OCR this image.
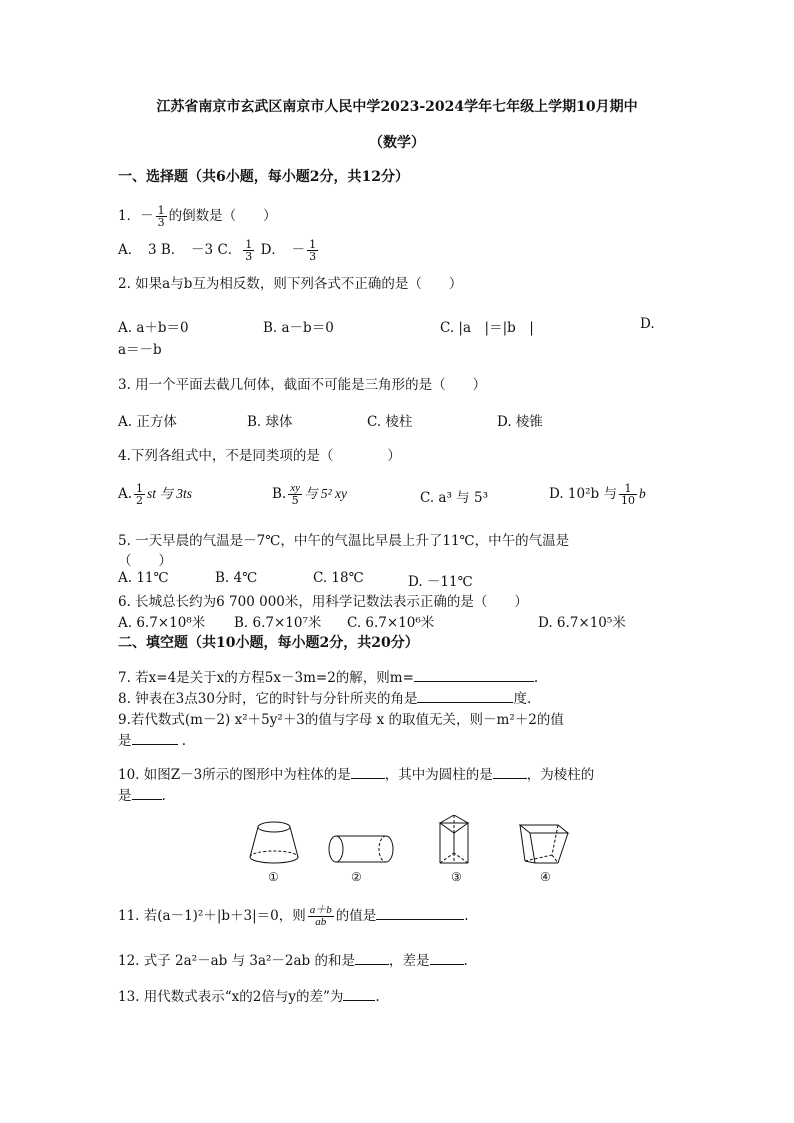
江苏省南京市玄武区南京市人民中学2023-2024学年七年级上学期10月期中
（数学）
一、选择题（共6小题，每小题2分，共12分）
1．－ $\frac{1}{3}$ 的倒数是（　　）
A．　3 B．　－3 C． $\frac{1}{3}$ D．　－ $\frac{1}{3}$
2. 如果a与b互为相反数，则下列各式不正确的是（　　）
A. a＋b＝0	B. a－b＝0	C. |a　|＝|b　|	D.
a＝－b
3. 用一个平面去截几何体，截面不可能是三角形的是（　　）
A. 正方体	B. 球体	C. 棱柱	D. 棱锥
4.下列各组式中，不是同类项的是（　　　　）
A. $\frac{1}{2}$ st 与 3ts	B. $\frac{xy}{5}$ 与 5² xy	C. a³ 与 5³	D. 10²b 与 $\frac{1}{10}$ b
5. 一天早晨的气温是－7℃，中午的气温比早晨上升了11℃，中午的气温是
（　　）
A. 11℃	B. 4℃	C. 18℃	D. －11℃
6. 长城总长约为6 700 000米，用科学记数法表示正确的是（　　）
A. 6.7×10⁸米 B. 6.7×10⁷米 C. 6.7×10⁶米	D. 6.7×10⁵米
二、填空题（共10小题，每小题2分，共20分）
7. 若x=4是关于x的方程5x－3m=2的解，则m=	.
8. 钟表在3点30分时，它的时针与分针所夹的角是	度.
9.若代数式(m－2) x²＋5y²＋3的值与字母 x 的取值无关，则－m²＋2的值
是	.
10. 如图Z－3所示的图形中为柱体的是	，其中为圆柱的是	，为棱柱的
是 .
①	②	③	④
11. 若(a－1)²＋|b＋3|＝0，则 $\frac{a+b}{ab}$ 的值是	.
12. 式子 2a²－ab 与 3a²－2ab 的和是	，差是	.
13. 用代数式表示“x的2倍与y的差”为 .
